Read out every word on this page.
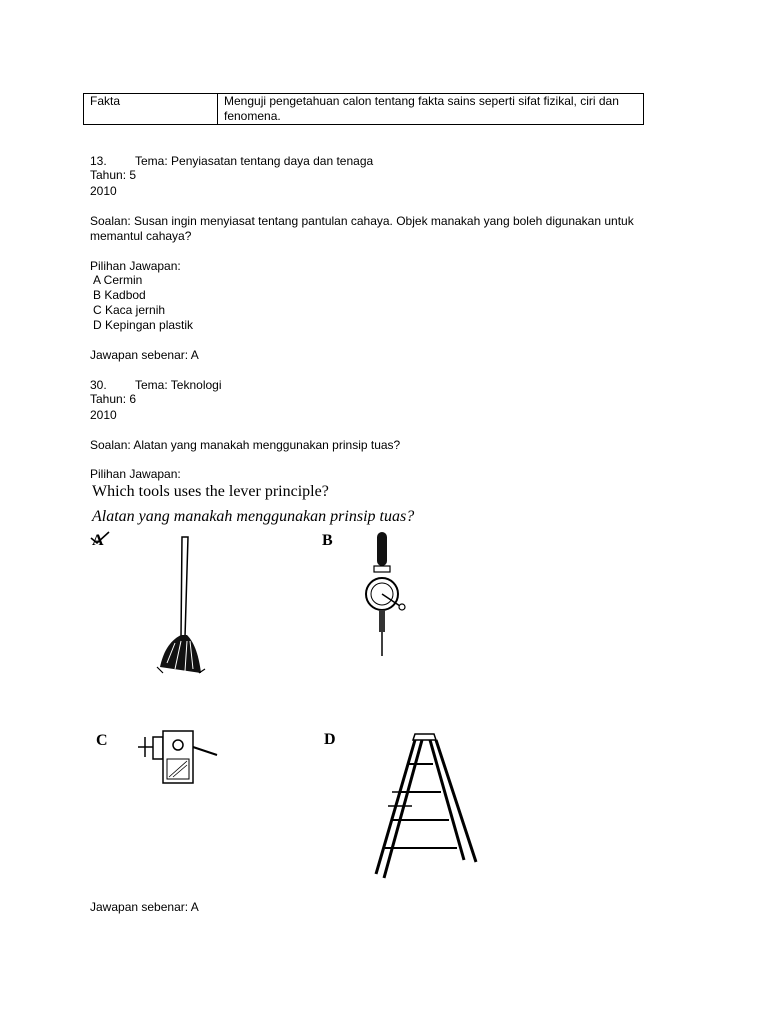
Fakta	Menguji pengetahuan calon tentang fakta sains seperti sifat fizikal, ciri dan fenomena.
13. Tema: Penyiasatan tentang daya dan tenaga
Tahun: 5
2010
Soalan: Susan ingin menyiasat tentang pantulan cahaya. Objek manakah yang boleh digunakan untuk
memantul cahaya?
Pilihan Jawapan:
A Cermin
B Kadbod
C Kaca jernih
D Kepingan plastik
Jawapan sebenar: A
30. Tema: Teknologi
Tahun: 6
2010
Soalan: Alatan yang manakah menggunakan prinsip tuas?
Pilihan Jawapan:
Which tools uses the lever principle?
Alatan yang manakah menggunakan prinsip tuas?
A	B
C	D
Jawapan sebenar: A
